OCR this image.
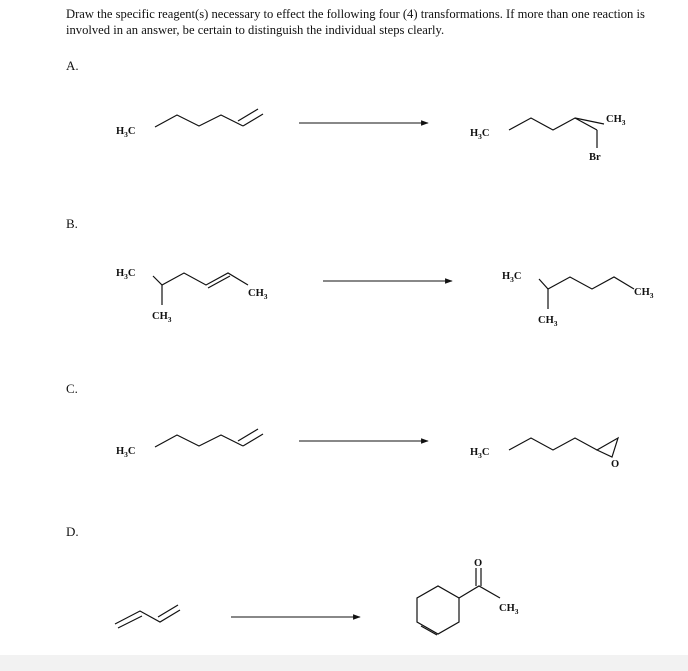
Draw the specific reagent(s) necessary to effect the following four (4) transformations. If more than one reaction is involved in an answer, be certain to distinguish the individual steps clearly.

A.
B.
C.
D.
$H_3C$	$H_3C$
$CH_3$
Br
$H_3C$
$CH_3$
$CH_3$
$H_3C$
$CH_3$
$CH_3$
$H_3C$	$H_3C$
O
O
$CH_3$
